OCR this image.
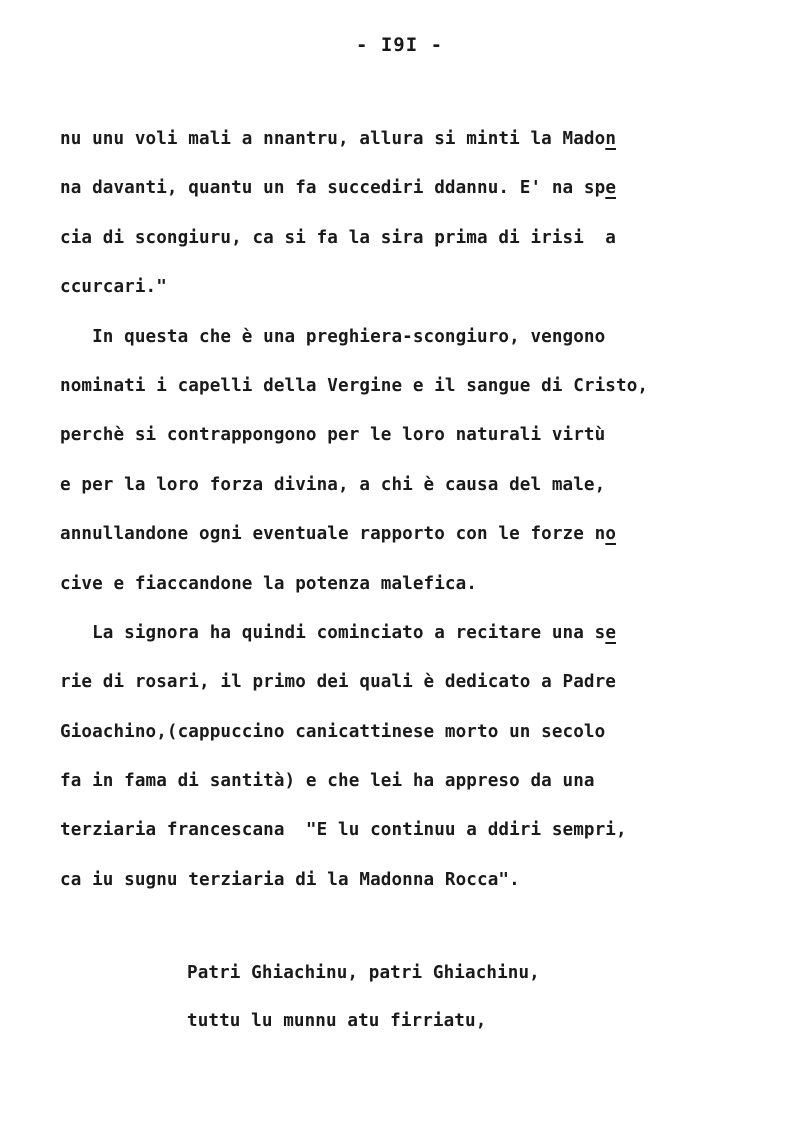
- I9I -
nu unu voli mali a nnantru, allura si minti la Madon
na davanti, quantu un fa succediri ddannu. E' na spe
cia di scongiuru, ca si fa la sira prima di irisi  a
ccurcari."
In questa che è una preghiera-scongiuro, vengono
nominati i capelli della Vergine e il sangue di Cristo,
perchè si contrappongono per le loro naturali virtù
e per la loro forza divina, a chi è causa del male,
annullandone ogni eventuale rapporto con le forze no
cive e fiaccandone la potenza malefica.
La signora ha quindi cominciato a recitare una se
rie di rosari, il primo dei quali è dedicato a Padre
Gioachino,(cappuccino canicattinese morto un secolo
fa in fama di santità) e che lei ha appreso da una
terziaria francescana  "E lu continuu a ddiri sempri,
ca iu sugnu terziaria di la Madonna Rocca".
Patri Ghiachinu, patri Ghiachinu,
tuttu lu munnu atu firriatu,
